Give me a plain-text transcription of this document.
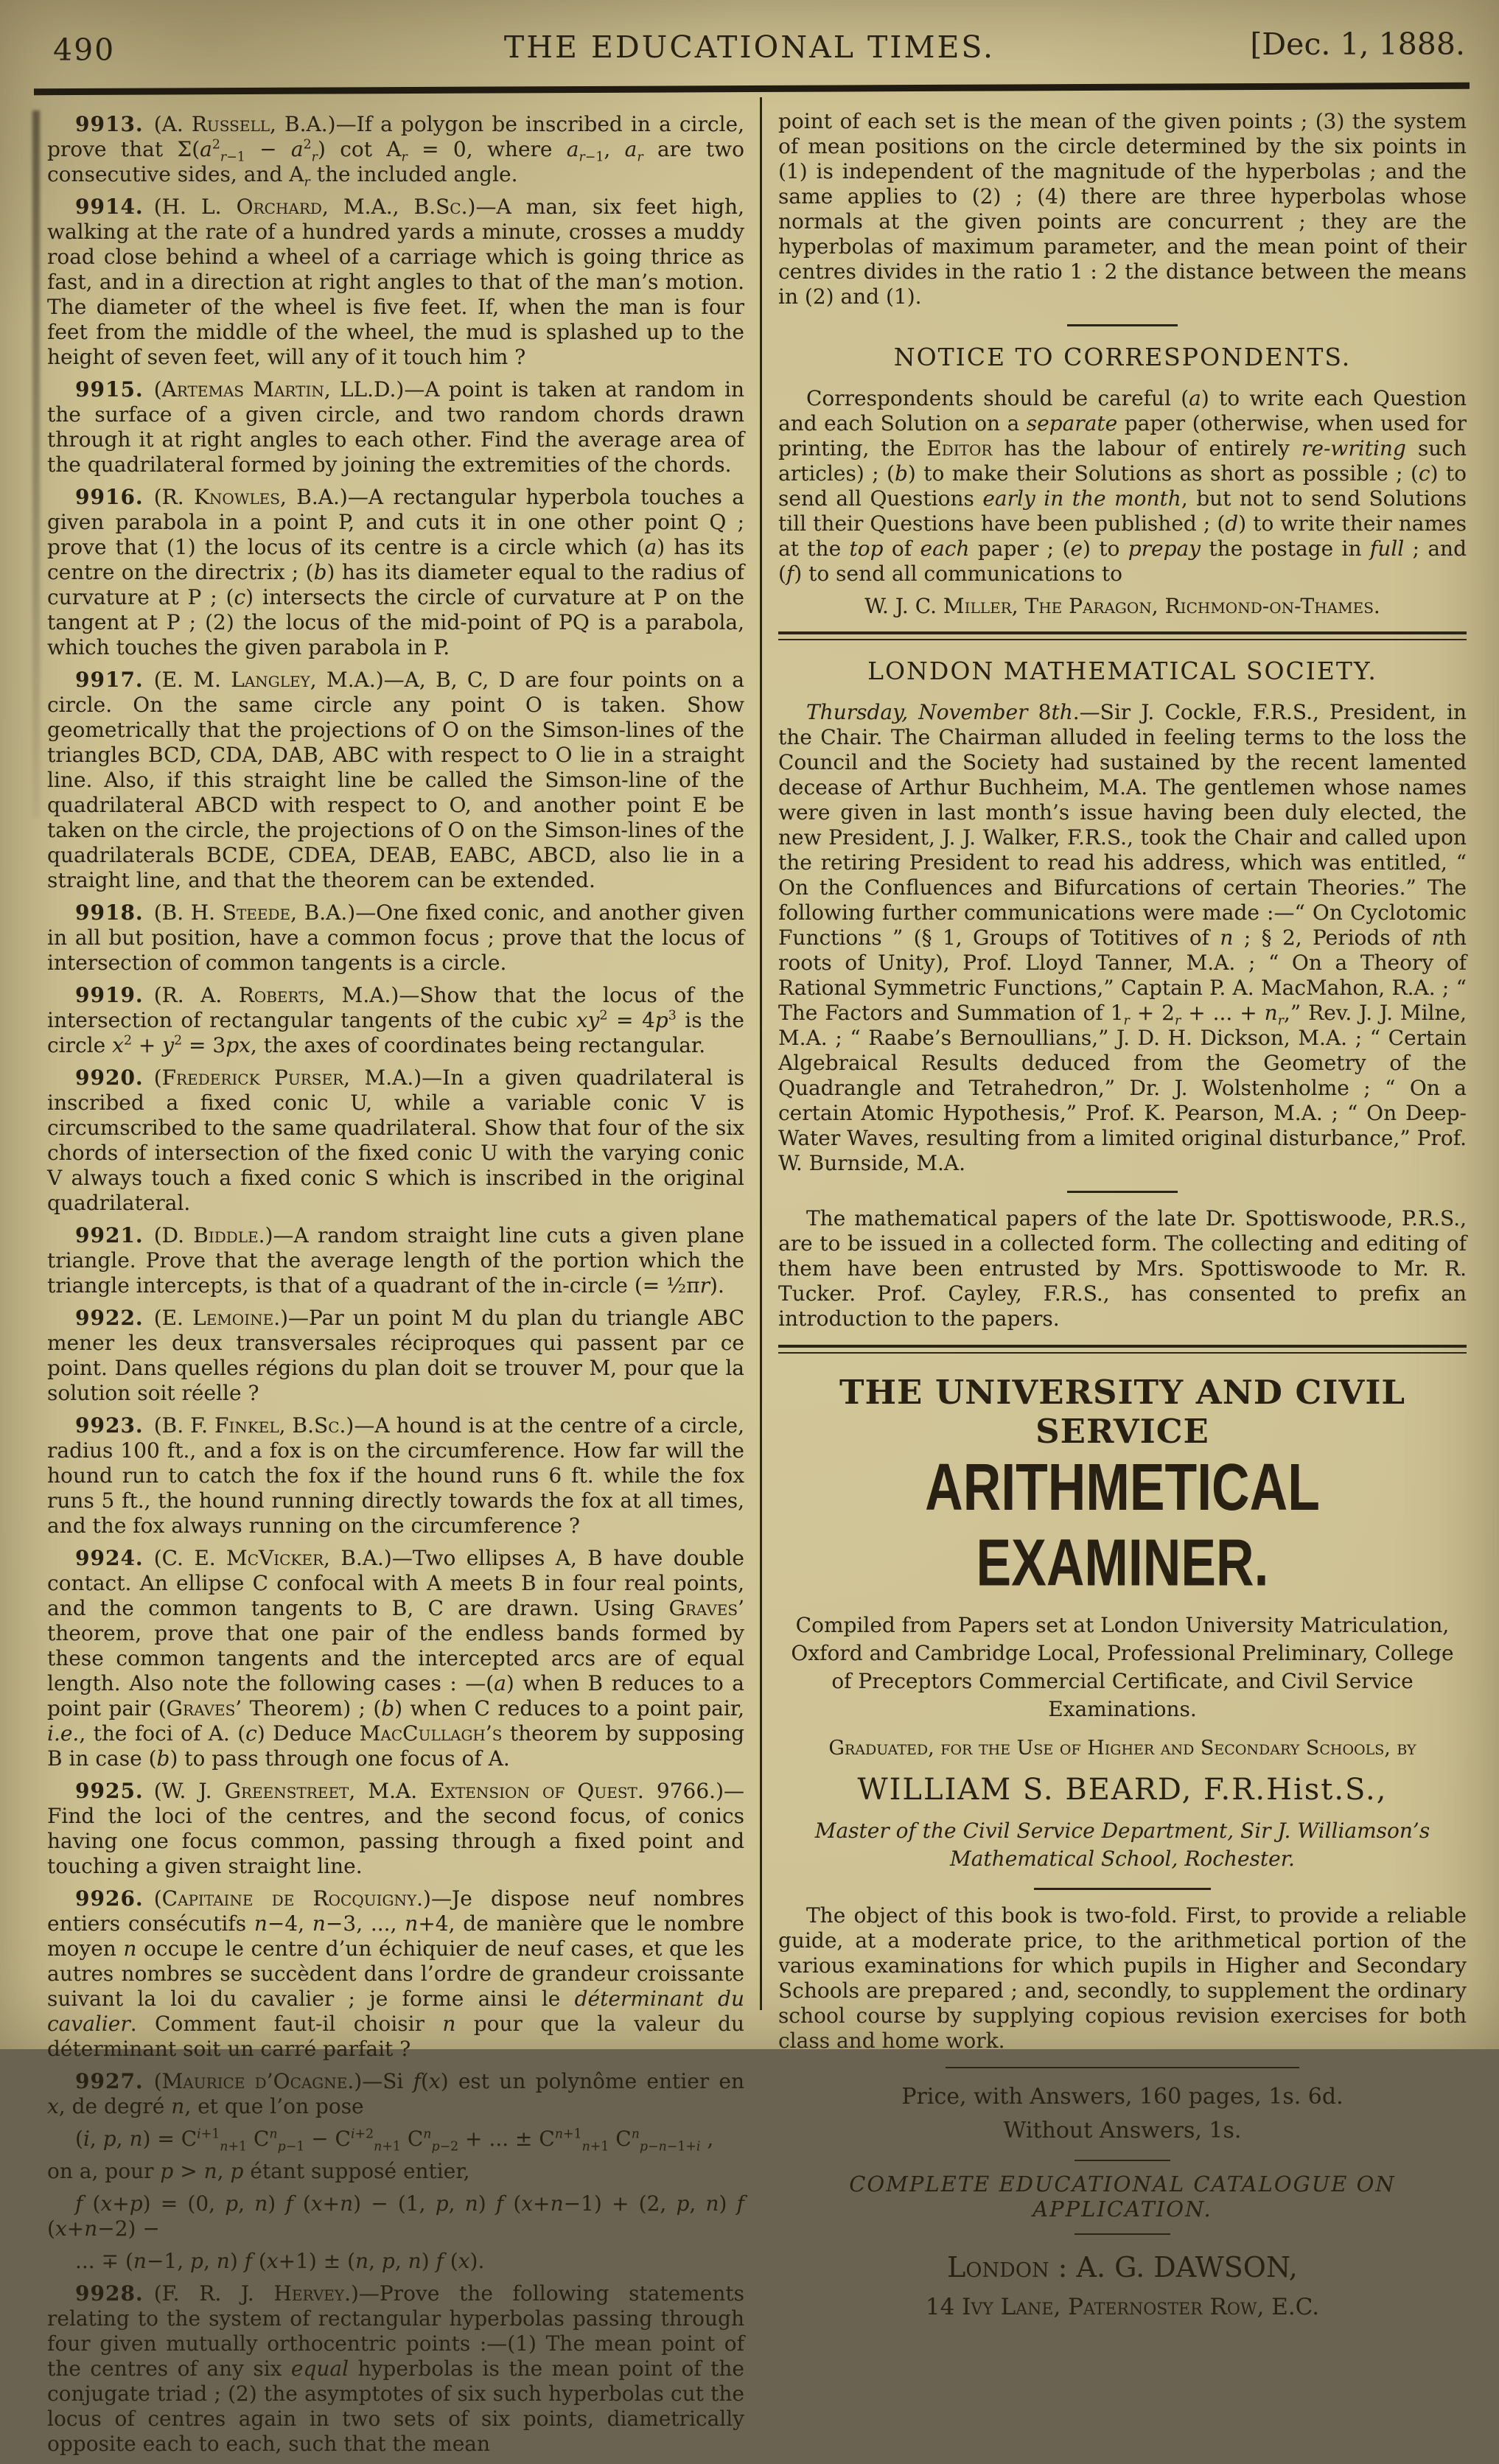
490	THE EDUCATIONAL TIMES.	[Dec. 1, 1888.

9913. (A. Russell, B.A.)—If a polygon be inscribed in a circle, prove that $\Sigma(a^2_{r-1} - a^2_r)$ $\cot A_r = 0$, where $a_{r-1}$, $a_r$ are two consecutive sides, and $A_r$ the included angle.

9914. (H. L. Orchard, M.A., B.Sc.)—A man, six feet high, walking at the rate of a hundred yards a minute, crosses a muddy road close behind a wheel of a carriage which is going thrice as fast, and in a direction at right angles to that of the man’s motion. The diameter of the wheel is five feet. If, when the man is four feet from the middle of the wheel, the mud is splashed up to the height of seven feet, will any of it touch him ?

9915. (Artemas Martin, LL.D.)—A point is taken at random in the surface of a given circle, and two random chords drawn through it at right angles to each other. Find the average area of the quadrilateral formed by joining the extremities of the chords.

9916. (R. Knowles, B.A.)—A rectangular hyperbola touches a given parabola in a point P, and cuts it in one other point Q ; prove that (1) the locus of its centre is a circle which (a) has its centre on the directrix ; (b) has its diameter equal to the radius of curvature at P ; (c) intersects the circle of curvature at P on the tangent at P ; (2) the locus of the mid-point of PQ is a parabola, which touches the given parabola in P.

9917. (E. M. Langley, M.A.)—A, B, C, D are four points on a circle. On the same circle any point O is taken. Show geometrically that the projections of O on the Simson-lines of the triangles BCD, CDA, DAB, ABC with respect to O lie in a straight line. Also, if this straight line be called the Simson-line of the quadrilateral ABCD with respect to O, and another point E be taken on the circle, the projections of O on the Simson-lines of the quadrilaterals BCDE, CDEA, DEAB, EABC, ABCD, also lie in a straight line, and that the theorem can be extended.

9918. (B. H. Steede, B.A.)—One fixed conic, and another given in all but position, have a common focus ; prove that the locus of intersection of common tangents is a circle.

9919. (R. A. Roberts, M.A.)—Show that the locus of the intersection of rectangular tangents of the cubic $xy^2 = 4p^3$ is the circle $x^2 + y^2 = 3px$, the axes of coordinates being rectangular.

9920. (Frederick Purser, M.A.)—In a given quadrilateral is inscribed a fixed conic U, while a variable conic V is circumscribed to the same quadrilateral. Show that four of the six chords of intersection of the fixed conic U with the varying conic V always touch a fixed conic S which is inscribed in the original quadrilateral.

9921. (D. Biddle.)—A random straight line cuts a given plane triangle. Prove that the average length of the portion which the triangle intercepts, is that of a quadrant of the in-circle (= ½πr).

9922. (E. Lemoine.)—Par un point M du plan du triangle ABC mener les deux transversales réciproques qui passent par ce point. Dans quelles régions du plan doit se trouver M, pour que la solution soit réelle ?

9923. (B. F. Finkel, B.Sc.)—A hound is at the centre of a circle, radius 100 ft., and a fox is on the circumference. How far will the hound run to catch the fox if the hound runs 6 ft. while the fox runs 5 ft., the hound running directly towards the fox at all times, and the fox always running on the circumference ?

9924. (C. E. McVicker, B.A.)—Two ellipses A, B have double contact. An ellipse C confocal with A meets B in four real points, and the common tangents to B, C are drawn. Using Graves’ theorem, prove that one pair of the endless bands formed by these common tangents and the intercepted arcs are of equal length. Also note the following cases : —(a) when B reduces to a point pair (Graves’ Theorem) ; (b) when C reduces to a point pair, i.e., the foci of A. (c) Deduce MacCullagh’s theorem by supposing B in case (b) to pass through one focus of A.

9925. (W. J. Greenstreet, M.A. Extension of Quest. 9766.)—Find the loci of the centres, and the second focus, of conics having one focus common, passing through a fixed point and touching a given straight line.

9926. (Capitaine de Rocquigny.)—Je dispose neuf nombres entiers consécutifs n−4, n−3, ..., n+4, de manière que le nombre moyen n occupe le centre d’un échiquier de neuf cases, et que les autres nombres se succèdent dans l’ordre de grandeur croissante suivant la loi du cavalier ; je forme ainsi le déterminant du cavalier. Comment faut-il choisir n pour que la valeur du déterminant soit un carré parfait ?

9927. (Maurice d’Ocagne.)—Si f(x) est un polynôme entier en x, de degré n, et que l’on pose

(i, p, $n) = C^{i+1}_{n+1}$ $C^n_{p-1} - C^{i+2}_{n+1}$ $C^n_{p-2}$ + ... ± $C^{n+1}_{n+1}$ $C^n_{p-n-1+i}$ ,

on a, pour p > n, p étant supposé entier,

f (x+p) = (0, p, n) f (x+n) − (1, p, n) f (x+n−1) + (2, p, n) f (x+n−2) −

... ∓ (n−1, p, n) f (x+1) ± (n, p, n) f (x).

9928. (F. R. J. Hervey.)—Prove the following statements relating to the system of rectangular hyperbolas passing through four given mutually orthocentric points :—(1) The mean point of the centres of any six equal hyperbolas is the mean point of the conjugate triad ; (2) the asymptotes of six such hyperbolas cut the locus of centres again in two sets of six points, diametrically opposite each to each, such that the mean

point of each set is the mean of the given points ; (3) the system of mean positions on the circle determined by the six points in (1) is independent of the magnitude of the hyperbolas ; and the same applies to (2) ; (4) there are three hyperbolas whose normals at the given points are concurrent ; they are the hyperbolas of maximum parameter, and the mean point of their centres divides in the ratio 1 : 2 the distance between the means in (2) and (1).

NOTICE TO CORRESPONDENTS.

Correspondents should be careful (a) to write each Question and each Solution on a separate paper (otherwise, when used for printing, the Editor has the labour of entirely re-writing such articles) ; (b) to make their Solutions as short as possible ; (c) to send all Questions early in the month, but not to send Solutions till their Questions have been published ; (d) to write their names at the top of each paper ; (e) to prepay the postage in full ; and (f) to send all communications to

W. J. C. Miller, The Paragon, Richmond-on-Thames.

LONDON MATHEMATICAL SOCIETY.

Thursday, November 8th.—Sir J. Cockle, F.R.S., President, in the Chair. The Chairman alluded in feeling terms to the loss the Council and the Society had sustained by the recent lamented decease of Arthur Buchheim, M.A. The gentlemen whose names were given in last month’s issue having been duly elected, the new President, J. J. Walker, F.R.S., took the Chair and called upon the retiring President to read his address, which was entitled, “ On the Confluences and Bifurcations of certain Theories.” The following further communications were made :—“ On Cyclotomic Functions ” (§ 1, Groups of Totitives of n ; § 2, Periods of nth roots of Unity), Prof. Lloyd Tanner, M.A. ; “ On a Theory of Rational Symmetric Functions,” Captain P. A. MacMahon, R.A. ; “ The Factors and Summation of $1_r + 2_r$ + ... + $n_r$,” Rev. J. J. Milne, M.A. ; “ Raabe’s Bernoullians,” J. D. H. Dickson, M.A. ; “ Certain Algebraical Results deduced from the Geometry of the Quadrangle and Tetrahedron,” Dr. J. Wolstenholme ; “ On a certain Atomic Hypothesis,” Prof. K. Pearson, M.A. ; “ On Deep-Water Waves, resulting from a limited original disturbance,” Prof. W. Burnside, M.A.

The mathematical papers of the late Dr. Spottiswoode, P.R.S., are to be issued in a collected form. The collecting and editing of them have been entrusted by Mrs. Spottiswoode to Mr. R. Tucker. Prof. Cayley, F.R.S., has consented to prefix an introduction to the papers.

THE UNIVERSITY AND CIVIL SERVICE
ARITHMETICAL EXAMINER.

Compiled from Papers set at London University Matriculation, Oxford and Cambridge Local, Professional Preliminary, College of Preceptors Commercial Certificate, and Civil Service Examinations.

Graduated, for the Use of Higher and Secondary Schools, by

WILLIAM S. BEARD, F.R.Hist.S.,

Master of the Civil Service Department, Sir J. Williamson’s Mathematical School, Rochester.

The object of this book is two-fold. First, to provide a reliable guide, at a moderate price, to the arithmetical portion of the various examinations for which pupils in Higher and Secondary Schools are prepared ; and, secondly, to supplement the ordinary school course by supplying copious revision exercises for both class and home work.

Price, with Answers, 160 pages, 1s. 6d.

Without Answers, 1s.

COMPLETE EDUCATIONAL CATALOGUE ON APPLICATION.

London : A. G. DAWSON,

14 Ivy Lane, Paternoster Row, E.C.
